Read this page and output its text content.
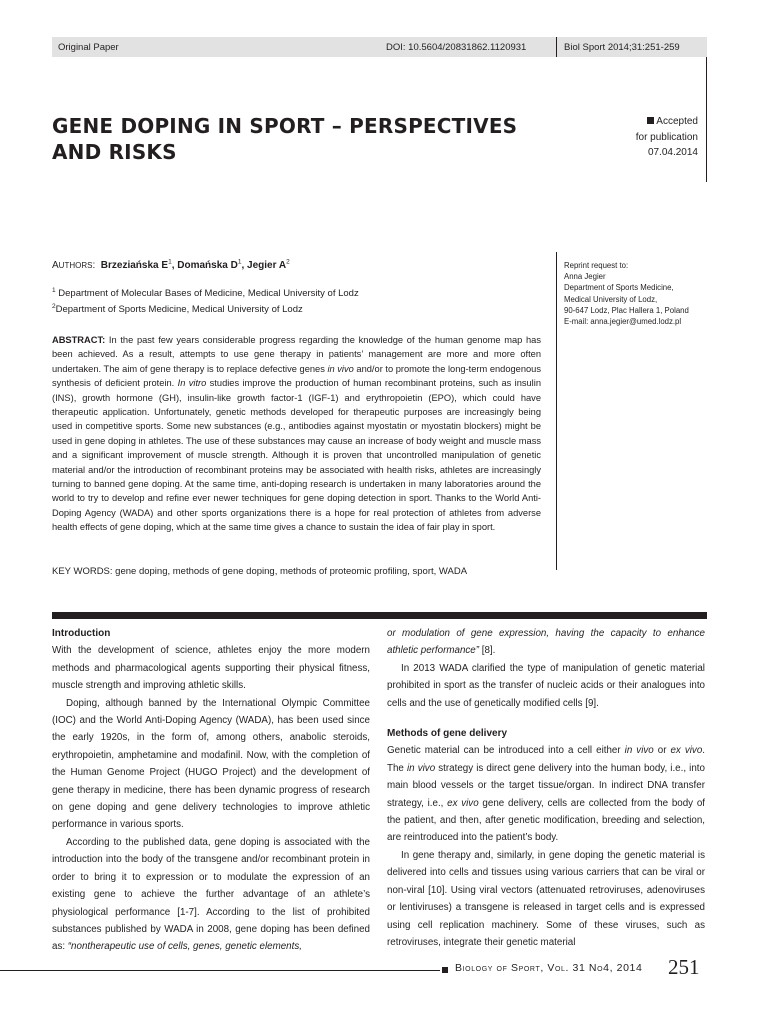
Original Paper	DOI: 10.5604/20831862.1120931	Biol Sport 2014;31:251-259
GENE DOPING IN SPORT – PERSPECTIVES AND RISKS
Accepted
for publication
07.04.2014
AUTHORS:  Brzeziańska $E^1$, Domańska $D^1$, Jegier $A^2$
$^1$ Department of Molecular Bases of Medicine, Medical University of Lodz
$^2$Department of Sports Medicine, Medical University of Lodz
Reprint request to:
Anna Jegier
Department of Sports Medicine,
Medical University of Lodz,
90-647 Lodz, Plac Hallera 1, Poland
E-mail: anna.jegier@umed.lodz.pl
ABSTRACT: In the past few years considerable progress regarding the knowledge of the human genome map has been achieved. As a result, attempts to use gene therapy in patients’ management are more and more often undertaken. The aim of gene therapy is to replace defective genes in vivo and/or to promote the long-term endogenous synthesis of deficient protein. In vitro studies improve the production of human recombinant proteins, such as insulin (INS), growth hormone (GH), insulin-like growth factor-1 (IGF-1) and erythropoietin (EPO), which could have therapeutic application. Unfortunately, genetic methods developed for therapeutic purposes are increasingly being used in competitive sports. Some new substances (e.g., antibodies against myostatin or myostatin blockers) might be used in gene doping in athletes. The use of these substances may cause an increase of body weight and muscle mass and a significant improvement of muscle strength. Although it is proven that uncontrolled manipulation of genetic material and/or the introduction of recombinant proteins may be associated with health risks, athletes are increasingly turning to banned gene doping. At the same time, anti-doping research is undertaken in many laboratories around the world to try to develop and refine ever newer techniques for gene doping detection in sport. Thanks to the World Anti-Doping Agency (WADA) and other sports organizations there is a hope for real protection of athletes from adverse health effects of gene doping, which at the same time gives a chance to sustain the idea of fair play in sport.
KEY WORDS: gene doping, methods of gene doping, methods of proteomic profiling, sport, WADA
Introduction

With the development of science, athletes enjoy the more modern methods and pharmacological agents supporting their physical fitness, muscle strength and improving athletic skills.

Doping, although banned by the International Olympic Committee (IOC) and the World Anti-Doping Agency (WADA), has been used since the early 1920s, in the form of, among others, anabolic steroids, erythropoietin, amphetamine and modafinil. Now, with the completion of the Human Genome Project (HUGO Project) and the development of gene therapy in medicine, there has been dynamic progress of research on gene doping and gene delivery technologies to improve athletic performance in various sports.

According to the published data, gene doping is associated with the introduction into the body of the transgene and/or recombinant protein in order to bring it to expression or to modulate the expression of an existing gene to achieve the further advantage of an athlete’s physiological performance [1-7]. According to the list of prohibited substances published by WADA in 2008, gene doping has been defined as: “nontherapeutic use of cells, genes, genetic elements,

or modulation of gene expression, having the capacity to enhance athletic performance” [8].

In 2013 WADA clarified the type of manipulation of genetic material prohibited in sport as the transfer of nucleic acids or their analogues into cells and the use of genetically modified cells [9].

Methods of gene delivery

Genetic material can be introduced into a cell either in vivo or ex vivo. The in vivo strategy is direct gene delivery into the human body, i.e., into main blood vessels or the target tissue/organ. In indirect DNA transfer strategy, i.e., ex vivo gene delivery, cells are collected from the body of the patient, and then, after genetic modification, breeding and selection, are reintroduced into the patient’s body.

In gene therapy and, similarly, in gene doping the genetic material is delivered into cells and tissues using various carriers that can be viral or non-viral [10]. Using viral vectors (attenuated retroviruses, adenoviruses or lentiviruses) a transgene is released in target cells and is expressed using cell replication machinery. Some of these viruses, such as retroviruses, integrate their genetic material

Biology of Sport, Vol. 31 No4, 2014 251
